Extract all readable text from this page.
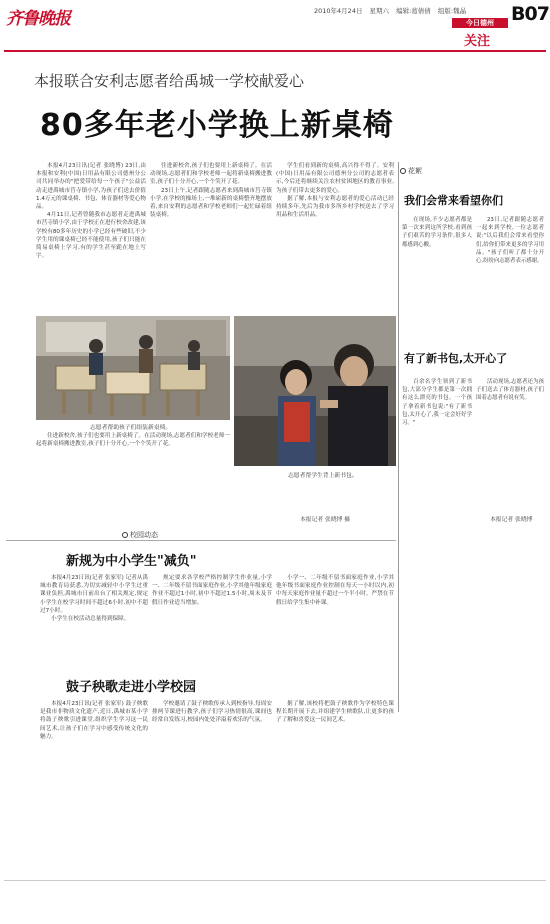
齐鲁晚报	2010年4月24日 星期六 编辑:葛倩倩 组版:魏晶 B07
今日德州
关注
本报联合安利志愿者给禹城一学校献爱心
80多年老小学换上新桌椅

本报4月23日讯(记者 张晓博) 23日,由本报和安利(中国)日用品有限公司德州分公司共同举办的"把爱带给每一个孩子"公益活动走进禹城市莒寺镇小学,为孩子们送去价值1.4万元的课桌椅、书包、体育器材等爱心物品。

4月11日,记者曾随我市志愿者走进禹城市莒寺镇小学,由于学校正在进行校舍改建,该学校有80多年历史的小学已经有些破旧,不少学生用的课桌椅已经不能使用,孩子们只能在简易桌椅上学习,有的学生甚至跪在地上写字。

住进新校舍,孩子们也要用上新桌椅了。在活动现场,志愿者们和学校老师一起将新桌椅搬进教室,孩子们十分开心,一个个笑开了花。

23日上午,记者跟随志愿者来到禹城市莒寺镇小学,在学校的操场上,一堆崭新的桌椅整齐地摆放着,来自安利的志愿者和学校老师们一起忙碌着组装桌椅。

学生们看到新的桌椅,高兴得不得了。安利(中国)日用品有限公司德州分公司的志愿者表示,今后还将继续关注农村贫困地区的教育事业,为孩子们带去更多的爱心。

据了解,本报与安利志愿者的爱心活动已经持续多年,先后为我市多所乡村学校送去了学习用品和生活用品。

志愿者帮助孩子们组装新桌椅。
志愿者帮学生背上新书包。
本报记者 张晓博 摄

住进新校舍,孩子们也要用上新桌椅了。在活动现场,志愿者们和学校老师一起将新桌椅搬进教室,孩子们十分开心,一个个笑开了花。

花絮
我们会常来看望你们

在现场,不少志愿者都是第一次来到这所学校,看到孩子们艰苦的学习条件,很多人都感到心酸。

23日,记者跟随志愿者一起来到学校,一位志愿者说:"以后我们会常来看望你们,给你们带来更多的学习用品。"孩子们听了都十分开心,纷纷向志愿者表示感谢。

有了新书包,太开心了

百余名学生领到了新书包,大部分学生都是第一次拥有这么漂亮的书包。一个孩子拿着新书包说:"有了新书包,太开心了,我一定会好好学习。"

活动现场,志愿者还为孩子们送去了体育器材,孩子们围着志愿者有说有笑。

本报记者 张晓博
校园动态
新规为中小学生"减负"

本报4月23日讯(记者 张家军) 记者从禹城市教育局获悉,为切实减轻中小学生过重课业负担,禹城市日前出台了相关规定,规定小学生在校学习时间不超过6小时,初中不超过7小时。

小学生在校活动总量得到保障。

规定要求各学校严格控制学生作业量,小学一、二年级不留书面家庭作业,小学其他年级家庭作业不超过1小时,初中不超过1.5小时,周末及节假日作业适当增加。

小学一、二年级不留书面家庭作业,小学其他年级书面家庭作业控制在每天一小时以内,初中每天家庭作业量不超过一个半小时。严禁在节假日给学生集中补课。

鼓子秧歌走进小学校园

本报4月23日讯(记者 张家军) 鼓子秧歌是我市非物质文化遗产,近日,禹城市某小学将鼓子秧歌引进课堂,组织学生学习这一民间艺术,让孩子们在学习中感受传统文化的魅力。

学校邀请了鼓子秧歌传承人到校指导,每周安排两节课进行教学,孩子们学习热情很高,课间也经常自发练习,校园内处处洋溢着欢乐的气氛。

据了解,该校将把鼓子秧歌作为学校特色课程长期开展下去,并组建学生秧歌队,让更多的孩子了解和喜爱这一民间艺术。
